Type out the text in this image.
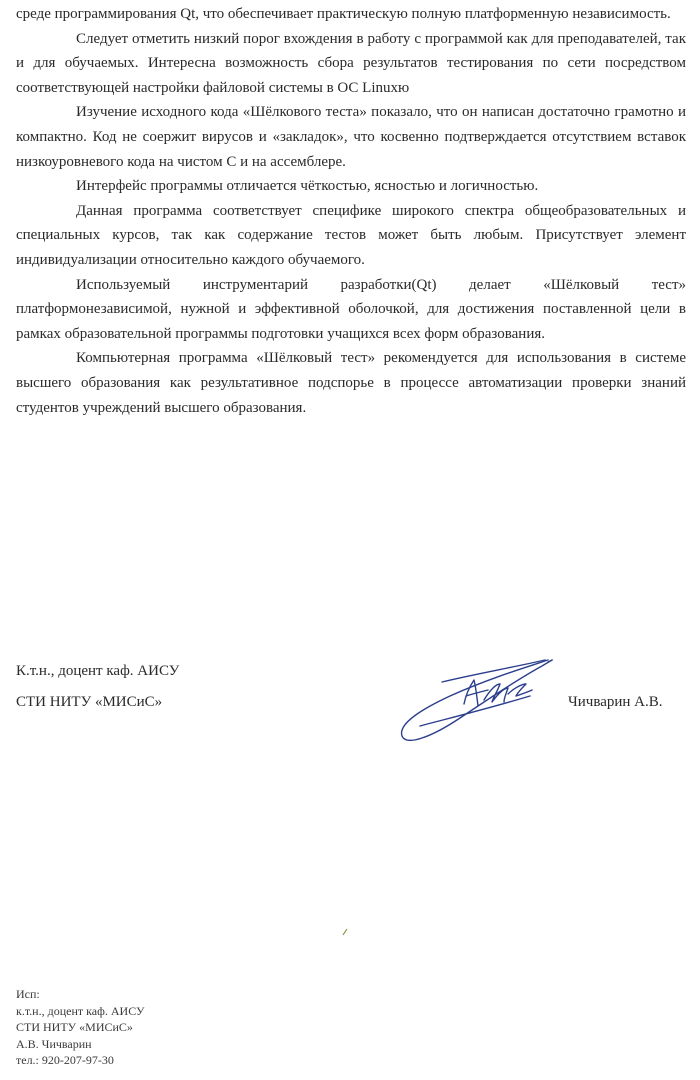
среде программирования Qt, что обеспечивает практическую полную платформенную независимость.

Следует отметить низкий порог вхождения в работу с программой как для преподавателей, так и для обучаемых. Интересна возможность сбора результатов тестирования по сети посредством соответствующей настройки файловой системы в ОС Linuxю

Изучение исходного кода «Шёлкового теста» показало, что он написан достаточно грамотно и компактно. Код не соержит вирусов и «закладок», что косвенно подтверждается отсутствием вставок низкоуровневого кода на чистом С и на ассемблере.

Интерфейс программы отличается чёткостью, ясностью и логичностью.

Данная программа соответствует специфике широкого спектра общеобразовательных и специальных курсов, так как содержание тестов может быть любым. Присутствует элемент индивидуализации относительно каждого обучаемого.

Используемый инструментарий разработки(Qt) делает «Шёлковый тест» платформонезависимой, нужной и эффективной оболочкой, для достижения поставленной цели в рамках образовательной программы подготовки учащихся всех форм образования.

Компьютерная программа «Шёлковый тест» рекомендуется для использования в системе высшего образования как результативное подспорье в процессе автоматизации проверки знаний студентов учреждений высшего образования.

К.т.н., доцент каф. АИСУ
СТИ НИТУ «МИСиС»	Чичварин А.В.
Исп:
к.т.н., доцент каф. АИСУ
СТИ НИТУ «МИСиС»
А.В. Чичварин
тел.: 920-207-97-30
